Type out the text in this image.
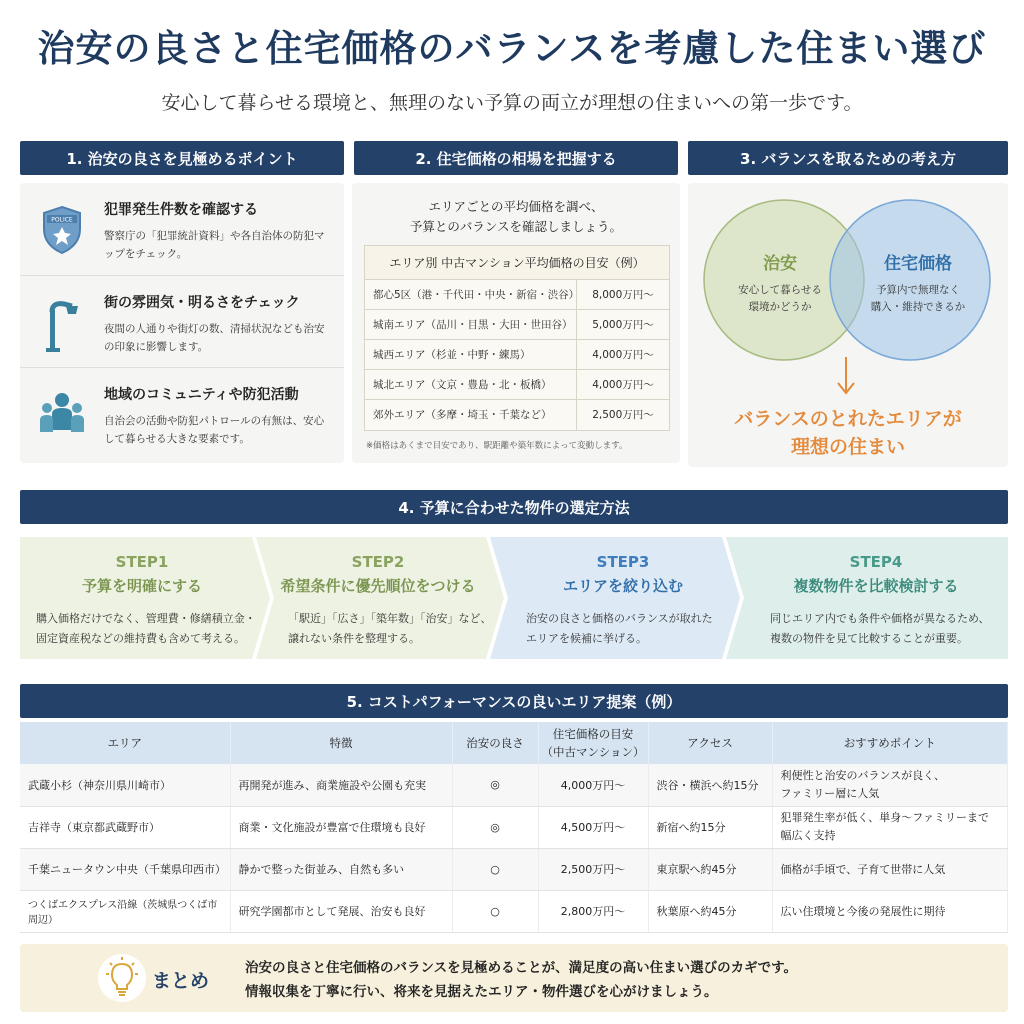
治安の良さと住宅価格のバランスを考慮した住まい選び
安心して暮らせる環境と、無理のない予算の両立が理想の住まいへの第一歩です。
1. 治安の良さを見極めるポイント
POLICE
犯罪発生件数を確認する
警察庁の「犯罪統計資料」や各自治体の防犯マップをチェック。
街の雰囲気・明るさをチェック
夜間の人通りや街灯の数、清掃状況なども治安の印象に影響します。
地域のコミュニティや防犯活動
自治会の活動や防犯パトロールの有無は、安心して暮らせる大きな要素です。
2. 住宅価格の相場を把握する
エリアごとの平均価格を調べ、
予算とのバランスを確認しましょう。
エリア別 中古マンション平均価格の目安（例）
都心5区（港・千代田・中央・新宿・渋谷）	8,000万円〜
城南エリア（品川・目黒・大田・世田谷）	5,000万円〜
城西エリア（杉並・中野・練馬）	4,000万円〜
城北エリア（文京・豊島・北・板橋）	4,000万円〜
郊外エリア（多摩・埼玉・千葉など）	2,500万円〜
※価格はあくまで目安であり、駅距離や築年数によって変動します。
3. バランスを取るための考え方
治安
安心して暮らせる
環境かどうか
住宅価格
予算内で無理なく
購入・維持できるか
バランスのとれたエリアが
理想の住まい
4. 予算に合わせた物件の選定方法
STEP1
予算を明確にする
購入価格だけでなく、管理費・修繕積立金・
固定資産税などの維持費も含めて考える。
STEP2
希望条件に優先順位をつける
「駅近」「広さ」「築年数」「治安」など、
譲れない条件を整理する。
STEP3
エリアを絞り込む
治安の良さと価格のバランスが取れた
エリアを候補に挙げる。
STEP4
複数物件を比較検討する
同じエリア内でも条件や価格が異なるため、
複数の物件を見て比較することが重要。
5. コストパフォーマンスの良いエリア提案（例）
エリア	特徴	治安の良さ	住宅価格の目安
（中古マンション）	アクセス	おすすめポイント
武蔵小杉（神奈川県川崎市）	再開発が進み、商業施設や公園も充実	◎	4,000万円〜	渋谷・横浜へ約15分	利便性と治安のバランスが良く、
ファミリー層に人気

吉祥寺（東京都武蔵野市）	商業・文化施設が豊富で住環境も良好	◎	4,500万円〜	新宿へ約15分	犯罪発生率が低く、単身〜ファミリーまで
幅広く支持

千葉ニュータウン中央（千葉県印西市）	静かで整った街並み、自然も多い	○	2,500万円〜	東京駅へ約45分	価格が手頃で、子育て世帯に人気
つくばエクスプレス沿線（茨城県つくば市周辺）	研究学園都市として発展、治安も良好	○	2,800万円〜	秋葉原へ約45分	広い住環境と今後の発展性に期待
まとめ
治安の良さと住宅価格のバランスを見極めることが、満足度の高い住まい選びのカギです。
情報収集を丁寧に行い、将来を見据えたエリア・物件選びを心がけましょう。
